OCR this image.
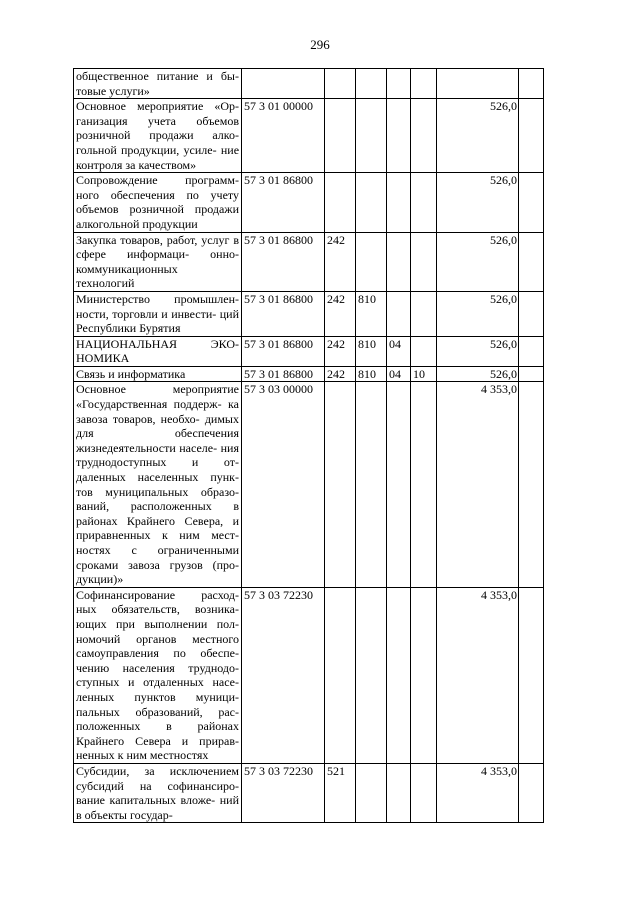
296
общественное питание и бы- товые услуги»							
Основное мероприятие «Ор- ганизация учета объемов розничной продажи алко- гольной продукции, усиле- ние контроля за качеством»	57 3 01 00000					526,0	
Сопровождение программ- ного обеспечения по учету объемов розничной продажи алкогольной продукции	57 3 01 86800					526,0	
Закупка товаров, работ, услуг в сфере информаци- онно-коммуникационных технологий	57 3 01 86800	242				526,0	
Министерство промышлен- ности, торговли и инвести- ций Республики Бурятия	57 3 01 86800	242	810			526,0	
НАЦИОНАЛЬНАЯ ЭКО- НОМИКА	57 3 01 86800	242	810	04		526,0	
Связь и информатика	57 3 01 86800	242	810	04	10	526,0	
Основное мероприятие «Государственная поддерж- ка завоза товаров, необхо- димых для обеспечения жизнедеятельности населе- ния труднодоступных и от- даленных населенных пунк- тов муниципальных образо- ваний, расположенных в районах Крайнего Севера, и приравненных к ним мест- ностях с ограниченными сроками завоза грузов (про- дукции)»	57 3 03 00000					4 353,0	
Софинансирование расход- ных обязательств, возника- ющих при выполнении пол- номочий органов местного самоуправления по обеспе- чению населения труднодо- ступных и отдаленных насе- ленных пунктов муници- пальных образований, рас- положенных в районах Крайнего Севера и прирав- ненных к ним местностях	57 3 03 72230					4 353,0	
Субсидии, за исключением субсидий на софинансиро- вание капитальных вложе- ний в объекты государ-	57 3 03 72230	521				4 353,0	
